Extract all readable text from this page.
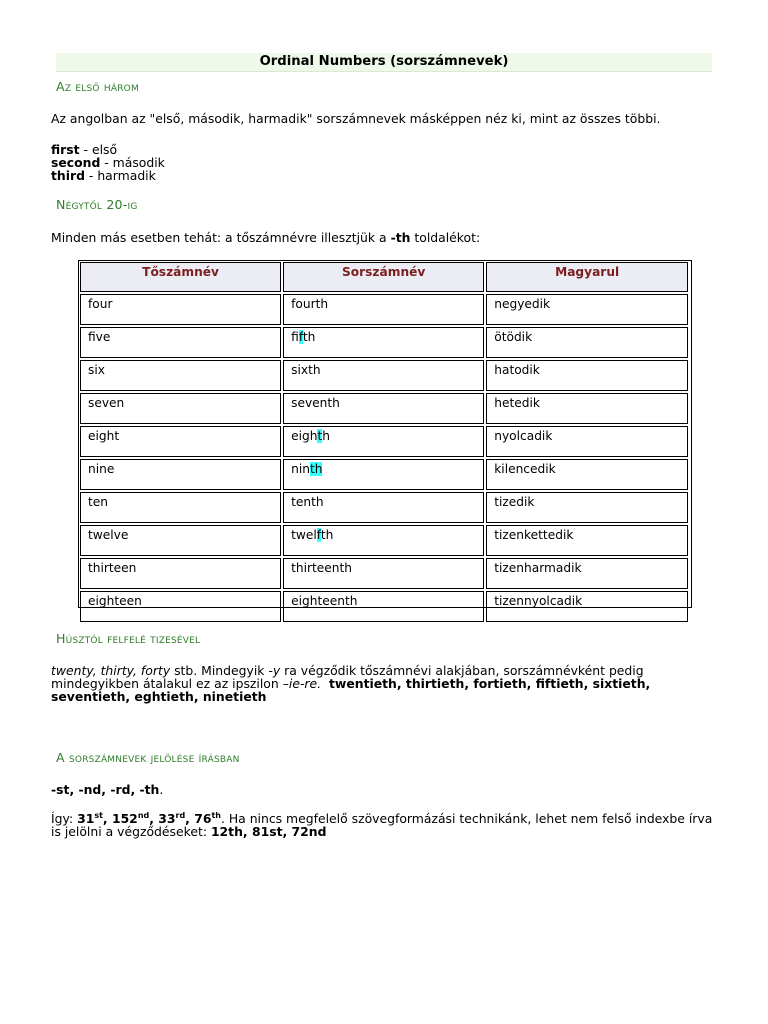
Ordinal Numbers (sorszámnevek)
Az első három
Az angolban az "első, második, harmadik" sorszámnevek másképpen néz ki, mint az összes többi.
first - első
second - második
third - harmadik
Négytől 20-ig
Minden más esetben tehát: a tőszámnévre illesztjük a -th toldalékot:
Tőszámnév	Sorszámnév	Magyarul
four	fourth	negyedik
five	fifth	ötödik
six	sixth	hatodik
seven	seventh	hetedik
eight	eighth	nyolcadik
nine	ninth	kilencedik
ten	tenth	tizedik
twelve	twelfth	tizenkettedik
thirteen	thirteenth	tizenharmadik
eighteen	eighteenth	tizennyolcadik
Húsztól felfelé tizesével
twenty, thirty, forty stb. Mindegyik -y ra végződik tőszámnévi alakjában, sorszámnévként pedig mindegyikben átalakul ez az ipszilon –ie-re. twentieth, thirtieth, fortieth, fiftieth, sixtieth, seventieth, eghtieth, ninetieth
A sorszámnevek jelölése írásban
-st, -nd, -rd, -th.
Így: 31st, 152nd, 33rd, 76th. Ha nincs megfelelő szövegformázási technikánk, lehet nem felső indexbe írva is jelölni a végződéseket: 12th, 81st, 72nd
